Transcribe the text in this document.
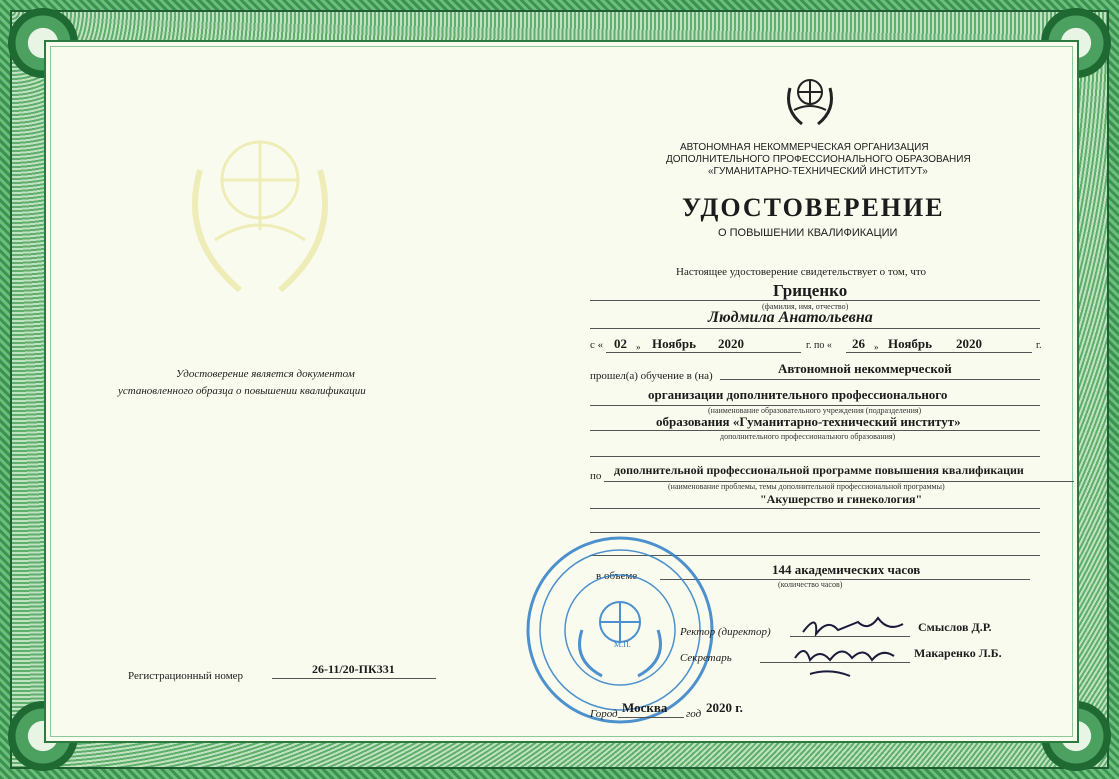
АВТОНОМНАЯ НЕКОММЕРЧЕСКАЯ ОРГАНИЗАЦИЯ
ДОПОЛНИТЕЛЬНОГО ПРОФЕССИОНАЛЬНОГО ОБРАЗОВАНИЯ
«ГУМАНИТАРНО-ТЕХНИЧЕСКИЙ ИНСТИТУТ»
УДОСТОВЕРЕНИЕ
О ПОВЫШЕНИИ КВАЛИФИКАЦИИ
Настоящее удостоверение свидетельствует о том, что
Гриценко
(фамилия, имя, отчество)
Людмила Анатольевна
с « 02 » Ноябрь 2020	г. по « 26 » Ноябрь 2020	г.
прошел(а) обучение в (на)	Автономной некоммерческой
организации дополнительного профессионального
(наименование образовательного учреждения (подразделения)
образования «Гуманитарно-технический институт»
дополнительного профессионального образования)
по дополнительной профессиональной программе повышения квалификации
(наименование проблемы, темы дополнительной профессиональной программы)
"Акушерство и гинекология"
в объеме	144 академических часов
(количество часов)
Удостоверение является документом
установленного образца о повышении квалификации
Регистрационный номер	26-11/20-ПК331
М.П.
Ректор (директор)	Смыслов Д.Р.
Секретарь	Макаренко Л.Б.
Город Москва год 2020 г.
